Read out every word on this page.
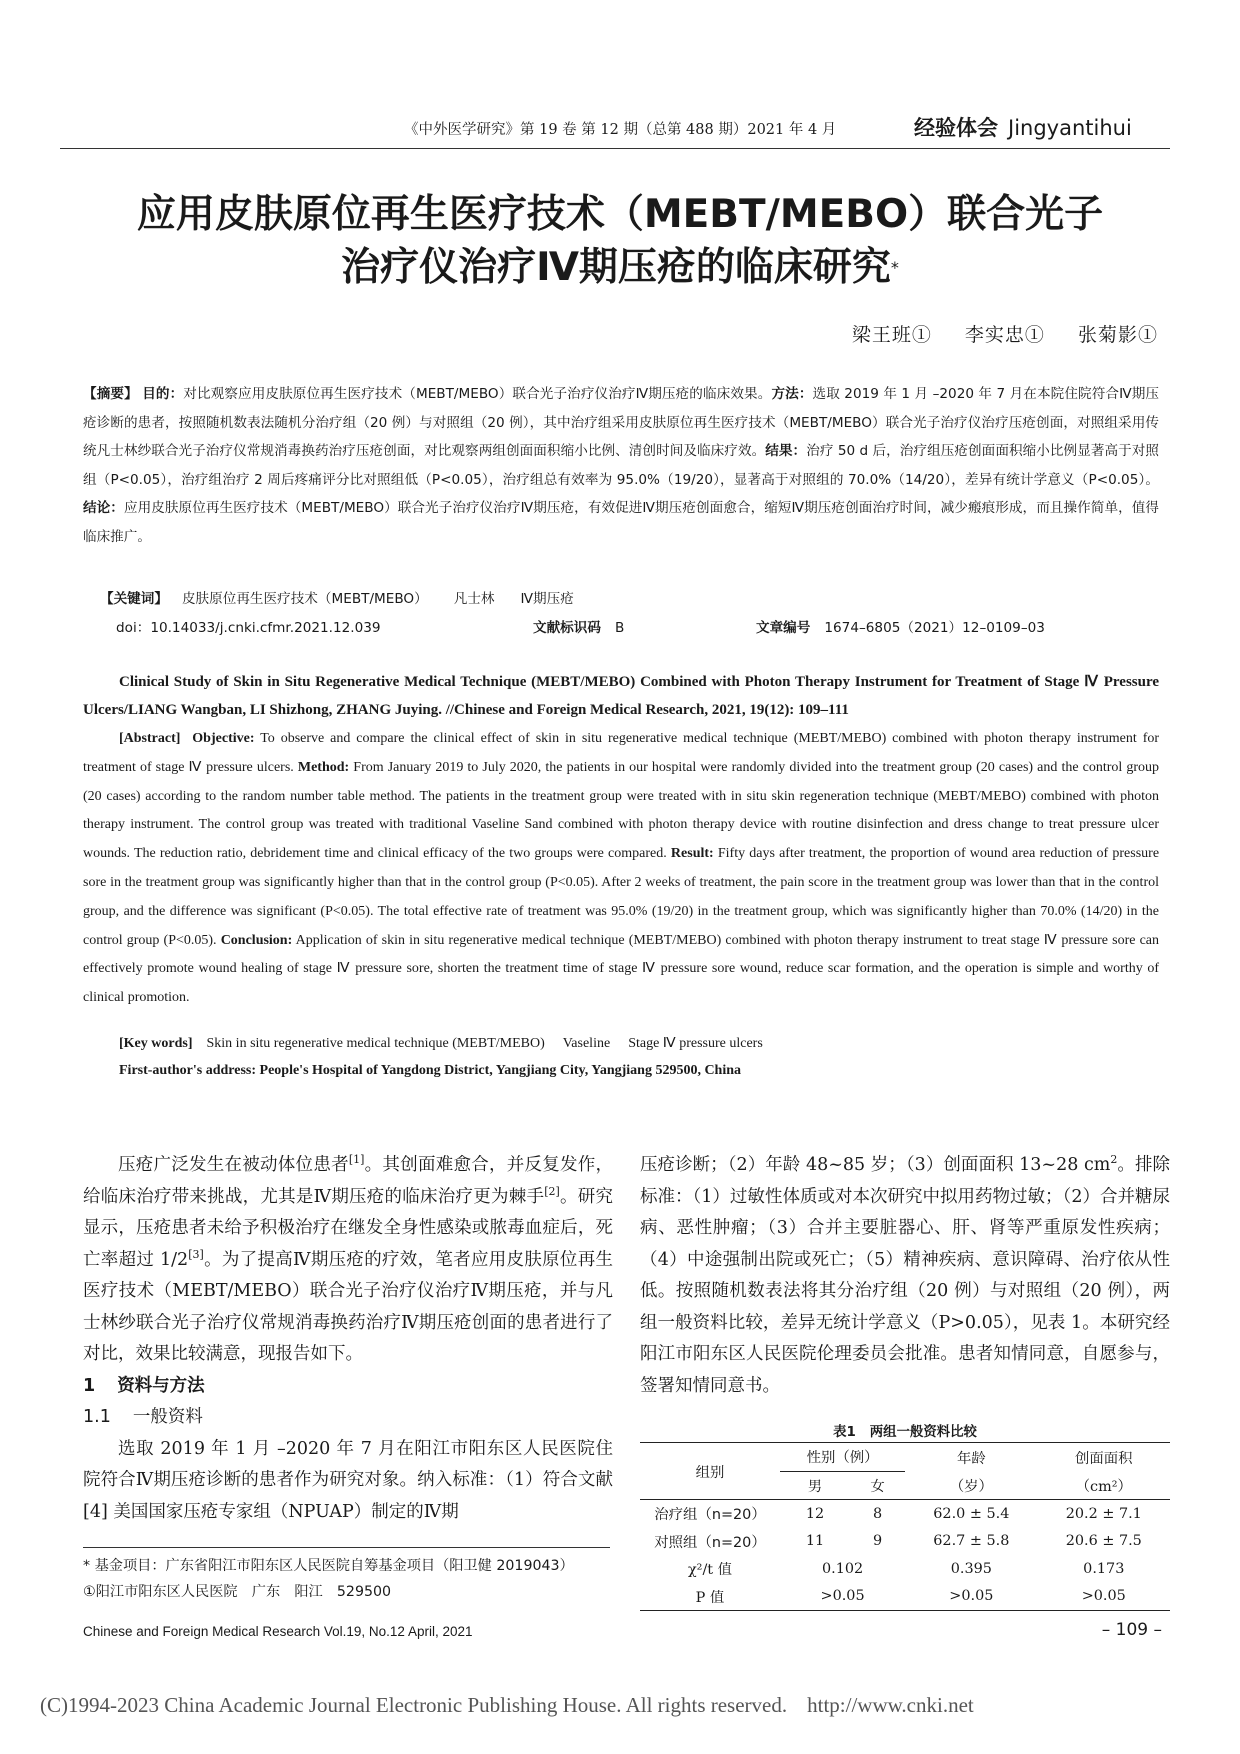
《中外医学研究》第 19 卷 第 12 期（总第 488 期）2021 年 4 月	经验体会 Jingyantihui
应用皮肤原位再生医疗技术（MEBT/MEBO）联合光子
治疗仪治疗Ⅳ期压疮的临床研究*
梁王班① 李实忠① 张菊影①
【摘要】 目的：对比观察应用皮肤原位再生医疗技术（MEBT/MEBO）联合光子治疗仪治疗Ⅳ期压疮的临床效果。方法：选取 2019 年 1 月 –2020 年 7 月在本院住院符合Ⅳ期压疮诊断的患者，按照随机数表法随机分治疗组（20 例）与对照组（20 例），其中治疗组采用皮肤原位再生医疗技术（MEBT/MEBO）联合光子治疗仪治疗压疮创面，对照组采用传统凡士林纱联合光子治疗仪常规消毒换药治疗压疮创面，对比观察两组创面面积缩小比例、清创时间及临床疗效。结果：治疗 50 d 后，治疗组压疮创面面积缩小比例显著高于对照组（P<0.05），治疗组治疗 2 周后疼痛评分比对照组低（P<0.05），治疗组总有效率为 95.0%（19/20），显著高于对照组的 70.0%（14/20），差异有统计学意义（P<0.05）。结论：应用皮肤原位再生医疗技术（MEBT/MEBO）联合光子治疗仪治疗Ⅳ期压疮，有效促进Ⅳ期压疮创面愈合，缩短Ⅳ期压疮创面治疗时间，减少瘢痕形成，而且操作简单，值得临床推广。
【关键词】 皮肤原位再生医疗技术（MEBT/MEBO） 凡士林 Ⅳ期压疮
doi：10.14033/j.cnki.cfmr.2021.12.039	文献标识码 B	文章编号 1674–6805（2021）12–0109–03
Clinical Study of Skin in Situ Regenerative Medical Technique (MEBT/MEBO) Combined with Photon Therapy Instrument for Treatment of Stage Ⅳ Pressure Ulcers/LIANG Wangban, LI Shizhong, ZHANG Juying. //Chinese and Foreign Medical Research, 2021, 19(12): 109–111
[Abstract] Objective: To observe and compare the clinical effect of skin in situ regenerative medical technique (MEBT/MEBO) combined with photon therapy instrument for treatment of stage Ⅳ pressure ulcers. Method: From January 2019 to July 2020, the patients in our hospital were randomly divided into the treatment group (20 cases) and the control group (20 cases) according to the random number table method. The patients in the treatment group were treated with in situ skin regeneration technique (MEBT/MEBO) combined with photon therapy instrument. The control group was treated with traditional Vaseline Sand combined with photon therapy device with routine disinfection and dress change to treat pressure ulcer wounds. The reduction ratio, debridement time and clinical efficacy of the two groups were compared. Result: Fifty days after treatment, the proportion of wound area reduction of pressure sore in the treatment group was significantly higher than that in the control group (P<0.05). After 2 weeks of treatment, the pain score in the treatment group was lower than that in the control group, and the difference was significant (P<0.05). The total effective rate of treatment was 95.0% (19/20) in the treatment group, which was significantly higher than 70.0% (14/20) in the control group (P<0.05). Conclusion: Application of skin in situ regenerative medical technique (MEBT/MEBO) combined with photon therapy instrument to treat stage Ⅳ pressure sore can effectively promote wound healing of stage Ⅳ pressure sore, shorten the treatment time of stage Ⅳ pressure sore wound, reduce scar formation, and the operation is simple and worthy of clinical promotion.
[Key words] Skin in situ regenerative medical technique (MEBT/MEBO) Vaseline Stage Ⅳ pressure ulcers
First-author's address: People's Hospital of Yangdong District, Yangjiang City, Yangjiang 529500, China

压疮广泛发生在被动体位患者[1]。其创面难愈合，并反复发作，给临床治疗带来挑战，尤其是Ⅳ期压疮的临床治疗更为棘手[2]。研究显示，压疮患者未给予积极治疗在继发全身性感染或脓毒血症后，死亡率超过 1/2[3]。为了提高Ⅳ期压疮的疗效，笔者应用皮肤原位再生医疗技术（MEBT/MEBO）联合光子治疗仪治疗Ⅳ期压疮，并与凡士林纱联合光子治疗仪常规消毒换药治疗Ⅳ期压疮创面的患者进行了对比，效果比较满意，现报告如下。

1 资料与方法

1.1 一般资料

选取 2019 年 1 月 –2020 年 7 月在阳江市阳东区人民医院住院符合Ⅳ期压疮诊断的患者作为研究对象。纳入标准：（1）符合文献 [4] 美国国家压疮专家组（NPUAP）制定的Ⅳ期

* 基金项目：广东省阳江市阳东区人民医院自筹基金项目（阳卫健 2019043）
①阳江市阳东区人民医院　广东　阳江　529500

压疮诊断；（2）年龄 48~85 岁；（3）创面面积 13~28 $cm^2$。排除标准：（1）过敏性体质或对本次研究中拟用药物过敏；（2）合并糖尿病、恶性肿瘤；（3）合并主要脏器心、肝、肾等严重原发性疾病；（4）中途强制出院或死亡；（5）精神疾病、意识障碍、治疗依从性低。按照随机数表法将其分治疗组（20 例）与对照组（20 例），两组一般资料比较，差异无统计学意义（P>0.05），见表 1。本研究经阳江市阳东区人民医院伦理委员会批准。患者知情同意，自愿参与，签署知情同意书。

表1 两组一般资料比较
组别	性别（例）		年龄	创面面积
	男	女	（岁）	（cm²）
治疗组（n=20）	12	8	62.0 ± 5.4	20.2 ± 7.1
对照组（n=20）	11	9	62.7 ± 5.8	20.6 ± 7.5
χ²/t 值	0.102		0.395	0.173
P 值	>0.05		>0.05	>0.05
Chinese and Foreign Medical Research Vol.19, No.12 April, 2021	– 109 –
(C)1994-2023 China Academic Journal Electronic Publishing House. All rights reserved. http://www.cnki.net
